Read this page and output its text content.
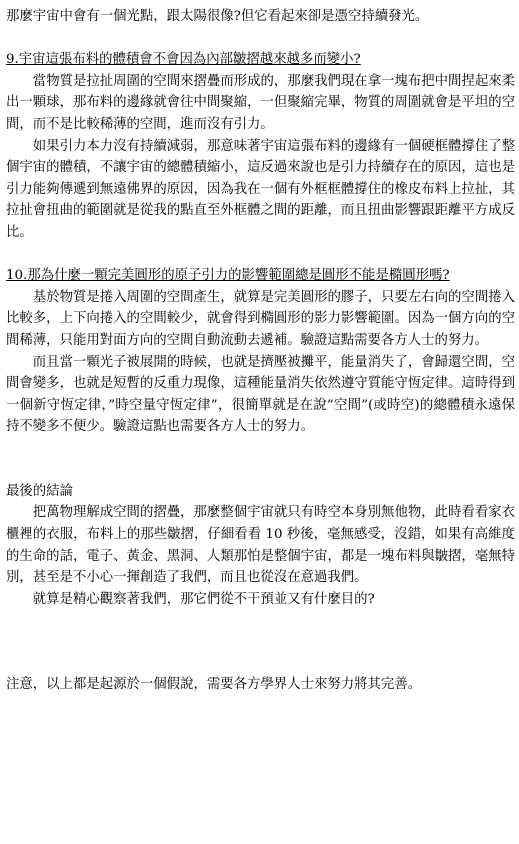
那麼宇宙中會有一個光點，跟太陽很像?但它看起來卻是憑空持續發光。

9.宇宙這張布料的體積會不會因為內部皺摺越來越多而變小?

當物質是拉扯周圍的空間來摺疊而形成的，那麼我們現在拿一塊布把中間捏起來柔出一顆球，那布料的邊緣就會往中間聚縮，一但聚縮完畢，物質的周圍就會是平坦的空間，而不是比較稀薄的空間，進而沒有引力。

如果引力本力沒有持續減弱，那意味著宇宙這張布料的邊緣有一個硬框體撐住了整個宇宙的體積，不讓宇宙的總體積縮小，這反過來說也是引力持續存在的原因，這也是引力能夠傳遞到無遠佛界的原因，因為我在一個有外框框體撐住的橡皮布料上拉扯，其拉扯會扭曲的範圍就是從我的點直至外框體之間的距離，而且扭曲影響跟距離平方成反比。

10.那為什麼一顆完美圓形的原子引力的影響範圍總是圓形不能是橢圓形嗎?

基於物質是捲入周圍的空間產生，就算是完美圓形的膠子，只要左右向的空間捲入比較多，上下向捲入的空間較少，就會得到橢圓形的影力影響範圍。因為一個方向的空間稀薄，只能用對面方向的空間自動流動去遞補。驗證這點需要各方人士的努力。

而且當一顆光子被展開的時候，也就是擠壓被攤平，能量消失了，會歸還空間，空間會變多，也就是短暫的反重力現像，這種能量消失依然遵守質能守恆定律。這時得到一個新守恆定律，”時空量守恆定律”，很簡單就是在說”空間”(或時空)的總體積永遠保持不變多不便少。驗證這點也需要各方人士的努力。

最後的結論

把萬物理解成空間的摺疊，那麼整個宇宙就只有時空本身別無他物，此時看看家衣櫃裡的衣服，布料上的那些皺摺，仔細看看 10 秒後，毫無感受，沒錯，如果有高維度的生命的話，電子、黃金、黑洞、人類那怕是整個宇宙，都是一塊布料與皺摺，毫無特別，甚至是不小心一揮創造了我們，而且也從沒在意過我們。

就算是精心觀察著我們，那它們從不干預並又有什麼目的?

注意，以上都是起源於一個假說，需要各方學界人士來努力將其完善。
